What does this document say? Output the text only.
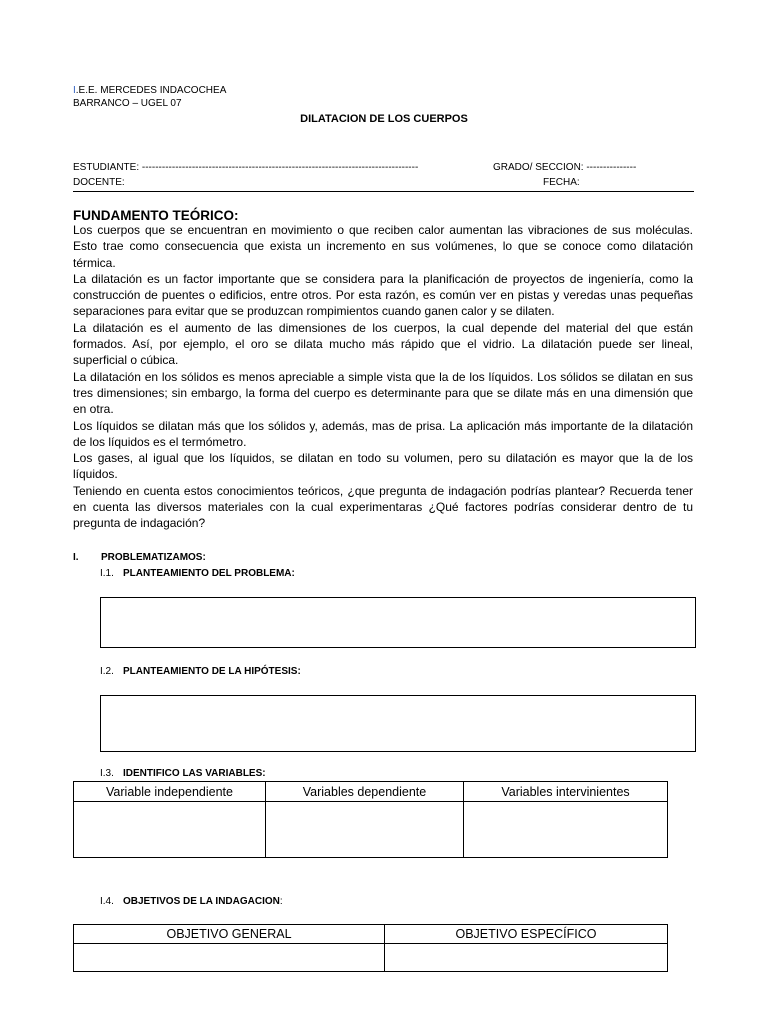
I.E.E. MERCEDES INDACOCHEA
BARRANCO – UGEL 07
DILATACION DE LOS CUERPOS
ESTUDIANTE: -----------------------------------------------------------------------------------	GRADO/ SECCION: ---------------
DOCENTE:	FECHA:
FUNDAMENTO TEÓRICO:

Los cuerpos que se encuentran en movimiento o que reciben calor aumentan las vibraciones de sus moléculas. Esto trae como consecuencia que exista un incremento en sus volúmenes, lo que se conoce como dilatación térmica.

La dilatación es un factor importante que se considera para la planificación de proyectos de ingeniería, como la construcción de puentes o edificios, entre otros. Por esta razón, es común ver en pistas y veredas unas pequeñas separaciones para evitar que se produzcan rompimientos cuando ganen calor y se dilaten.

La dilatación es el aumento de las dimensiones de los cuerpos, la cual depende del material del que están formados. Así, por ejemplo, el oro se dilata mucho más rápido que el vidrio. La dilatación puede ser lineal, superficial o cúbica.

La dilatación en los sólidos es menos apreciable a simple vista que la de los líquidos. Los sólidos se dilatan en sus tres dimensiones; sin embargo, la forma del cuerpo es determinante para que se dilate más en una dimensión que en otra.

Los líquidos se dilatan más que los sólidos y, además, mas de prisa. La aplicación más importante de la dilatación de los líquidos es el termómetro.

Los gases, al igual que los líquidos, se dilatan en todo su volumen, pero su dilatación es mayor que la de los líquidos.

Teniendo en cuenta estos conocimientos teóricos, ¿que pregunta de indagación podrías plantear? Recuerda tener en cuenta las diversos materiales con la cual experimentaras ¿Qué factores podrías considerar dentro de tu pregunta de indagación?

I. PROBLEMATIZAMOS:
I.1. PLANTEAMIENTO DEL PROBLEMA:
I.2. PLANTEAMIENTO DE LA HIPÓTESIS:
I.3. IDENTIFICO LAS VARIABLES:
Variable independiente	Variables dependiente	Variables intervinientes

I.4. OBJETIVOS DE LA INDAGACION:
OBJETIVO GENERAL	OBJETIVO ESPECÍFICO
